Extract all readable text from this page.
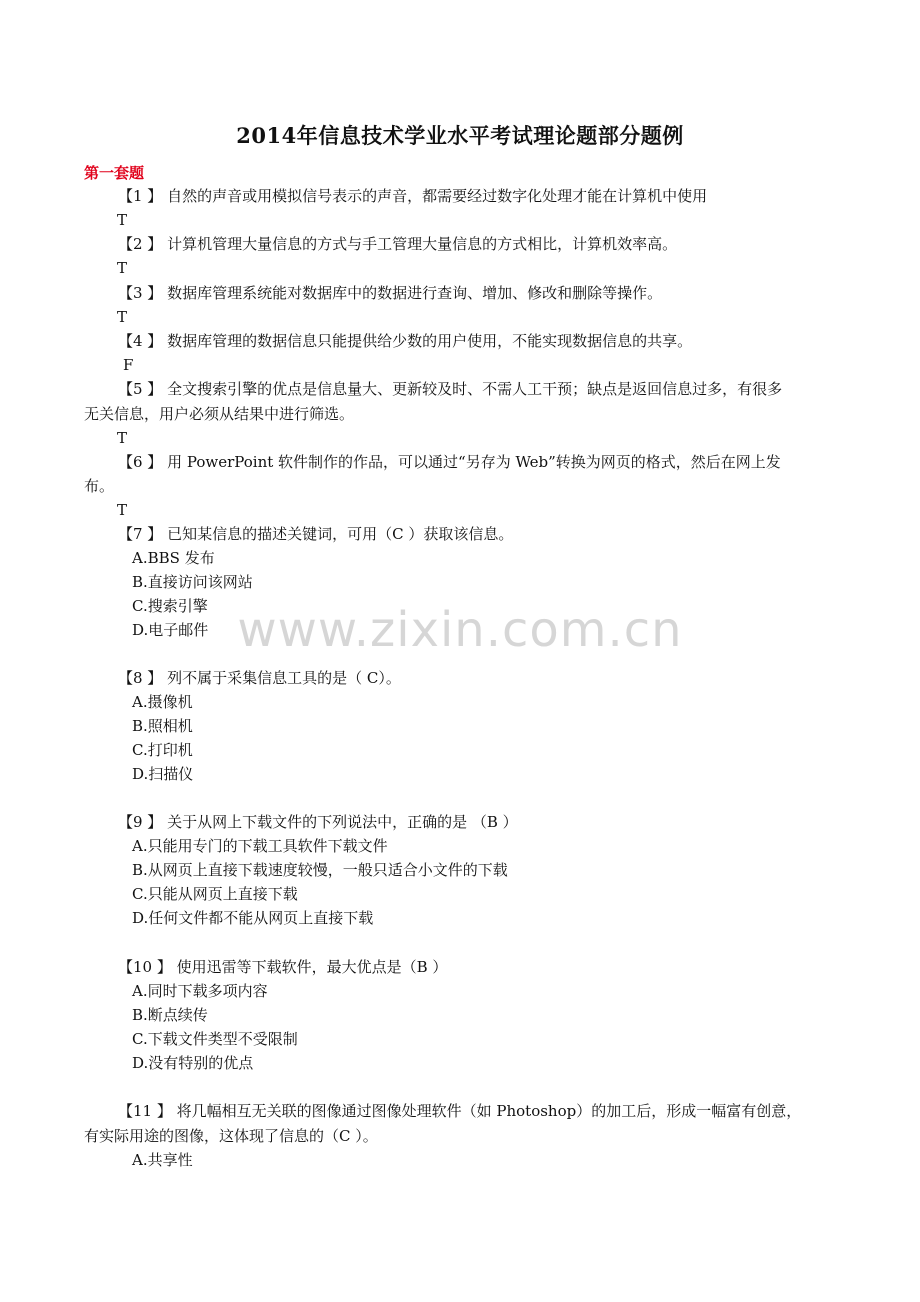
www.zixin.com.cn
2014年信息技术学业水平考试理论题部分题例
第一套题
【1 】 自然的声音或用模拟信号表示的声音，都需要经过数字化处理才能在计算机中使用
T
【2 】 计算机管理大量信息的方式与手工管理大量信息的方式相比，计算机效率高。
T
【3 】 数据库管理系统能对数据库中的数据进行查询、增加、修改和删除等操作。
T
【4 】 数据库管理的数据信息只能提供给少数的用户使用，不能实现数据信息的共享。
F
【5 】 全文搜索引擎的优点是信息量大、更新较及时、不需人工干预；缺点是返回信息过多，有很多
无关信息，用户必须从结果中进行筛选。
T
【6 】 用 PowerPoint 软件制作的作品，可以通过“另存为 Web”转换为网页的格式，然后在网上发
布。
T
【7 】 已知某信息的描述关键词，可用（C ）获取该信息。
A.BBS 发布
B.直接访问该网站
C.搜索引擎
D.电子邮件
【8 】 列不属于采集信息工具的是（ C）。
A.摄像机
B.照相机
C.打印机
D.扫描仪
【9 】 关于从网上下载文件的下列说法中，正确的是 （B ）
A.只能用专门的下载工具软件下载文件
B.从网页上直接下载速度较慢，一般只适合小文件的下载
C.只能从网页上直接下载
D.任何文件都不能从网页上直接下载
【10 】 使用迅雷等下载软件，最大优点是（B ）
A.同时下载多项内容
B.断点续传
C.下载文件类型不受限制
D.没有特别的优点
【11 】 将几幅相互无关联的图像通过图像处理软件（如 Photoshop）的加工后，形成一幅富有创意，
有实际用途的图像，这体现了信息的（C ）。
A.共享性
